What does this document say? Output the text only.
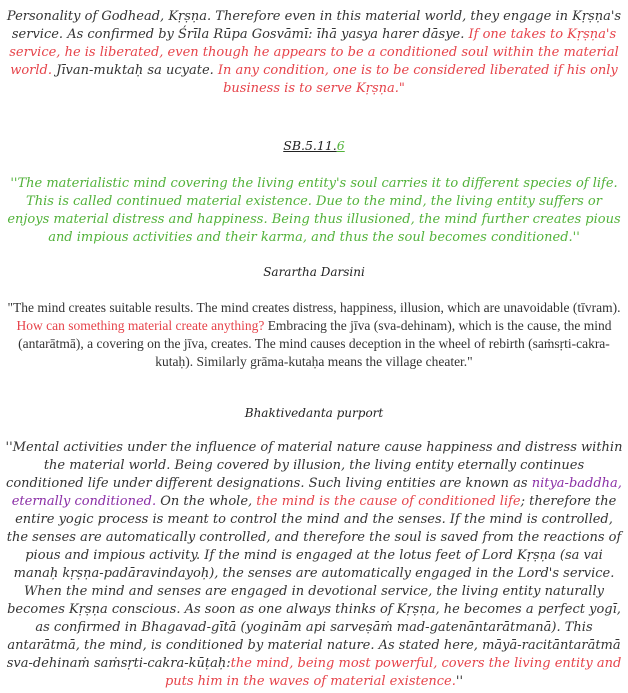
Personality of Godhead, Kṛṣṇa. Therefore even in this material world, they engage in Kṛṣṇa's service. As confirmed by Śrīla Rūpa Gosvāmī: īhā yasya harer dāsye. If one takes to Kṛṣṇa's service, he is liberated, even though he appears to be a conditioned soul within the material world. Jīvan-muktaḥ sa ucyate. In any condition, one is to be considered liberated if his only business is to serve Kṛṣṇa."

SB.5.11.6

''The materialistic mind covering the living entity's soul carries it to different species of life. This is called continued material existence. Due to the mind, the living entity suffers or enjoys material distress and happiness. Being thus illusioned, the mind further creates pious and impious activities and their karma, and thus the soul becomes conditioned.''

Sarartha Darsini

"The mind creates suitable results. The mind creates distress, happiness, illusion, which are unavoidable (tīvram). How can something material create anything? Embracing the jīva (sva-dehinam), which is the cause, the mind (antarātmā), a covering on the jīva, creates. The mind causes deception in the wheel of rebirth (saṁsṛti-cakra-kutaḥ). Similarly grāma-kutaḥa means the village cheater."

Bhaktivedanta purport

''Mental activities under the influence of material nature cause happiness and distress within the material world. Being covered by illusion, the living entity eternally continues conditioned life under different designations. Such living entities are known as nitya-baddha, eternally conditioned. On the whole, the mind is the cause of conditioned life; therefore the entire yogic process is meant to control the mind and the senses. If the mind is controlled, the senses are automatically controlled, and therefore the soul is saved from the reactions of pious and impious activity. If the mind is engaged at the lotus feet of Lord Kṛṣṇa (sa vai manaḥ kṛṣṇa-padāravindayoḥ), the senses are automatically engaged in the Lord's service. When the mind and senses are engaged in devotional service, the living entity naturally becomes Kṛṣṇa conscious. As soon as one always thinks of Kṛṣṇa, he becomes a perfect yogī, as confirmed in Bhagavad-gītā (yoginām api sarveṣāṁ mad-gatenāntarātmanā). This antarātmā, the mind, is conditioned by material nature. As stated here, māyā-racitāntarātmā sva-dehinaṁ saṁsṛti-cakra-kūṭaḥ:the mind, being most powerful, covers the living entity and puts him in the waves of material existence.''
